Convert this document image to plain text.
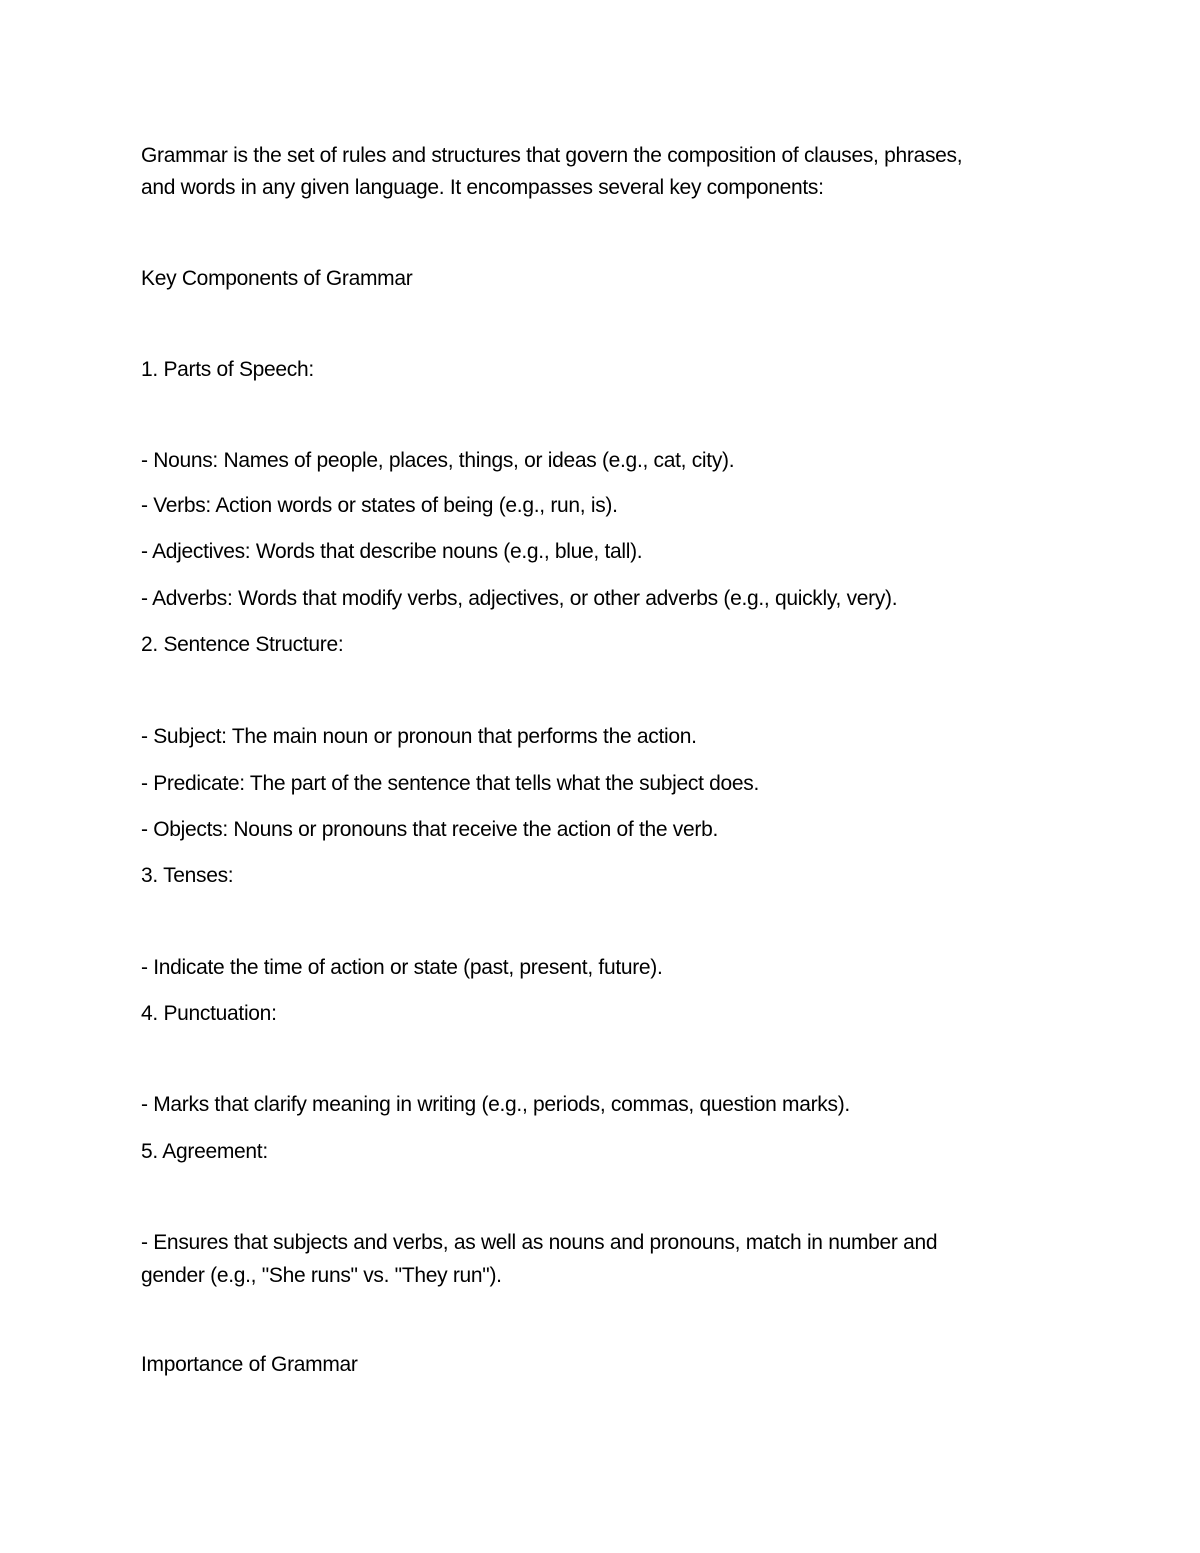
Grammar is the set of rules and structures that govern the composition of clauses, phrases,
and words in any given language. It encompasses several key components:
Key Components of Grammar
1. Parts of Speech:
- Nouns: Names of people, places, things, or ideas (e.g., cat, city).
- Verbs: Action words or states of being (e.g., run, is).
- Adjectives: Words that describe nouns (e.g., blue, tall).
- Adverbs: Words that modify verbs, adjectives, or other adverbs (e.g., quickly, very).
2. Sentence Structure:
- Subject: The main noun or pronoun that performs the action.
- Predicate: The part of the sentence that tells what the subject does.
- Objects: Nouns or pronouns that receive the action of the verb.
3. Tenses:
- Indicate the time of action or state (past, present, future).
4. Punctuation:
- Marks that clarify meaning in writing (e.g., periods, commas, question marks).
5. Agreement:
- Ensures that subjects and verbs, as well as nouns and pronouns, match in number and
gender (e.g., "She runs" vs. "They run").
Importance of Grammar
